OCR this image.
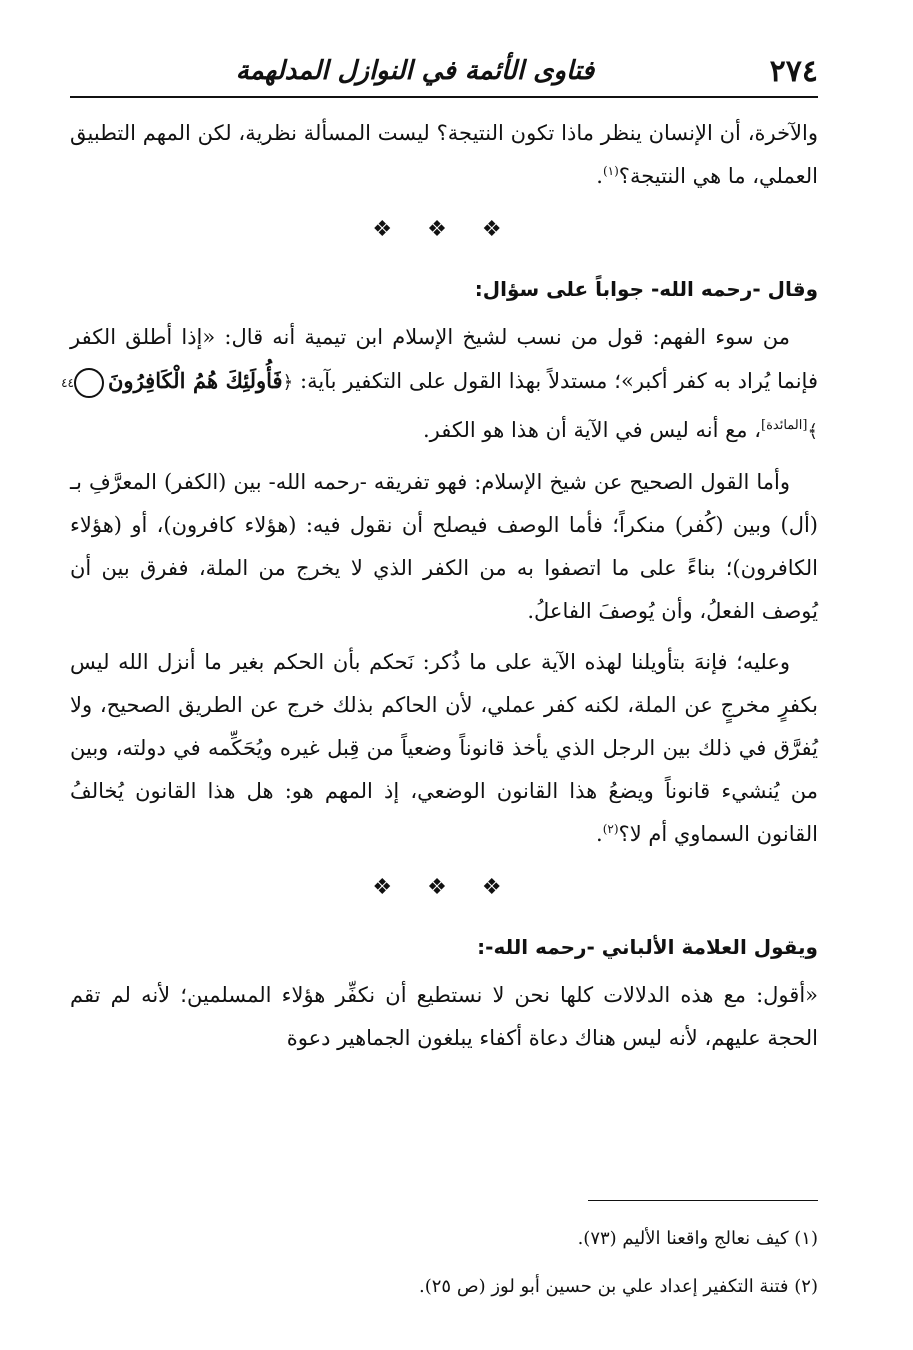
٢٧٤
فتاوى الأئمة في النوازل المدلهمة

والآخرة، أن الإنسان ينظر ماذا تكون النتيجة؟ ليست المسألة نظرية، لكن المهم التطبيق العملي، ما هي النتيجة؟$^{(١)}$.

❖ ❖ ❖
وقال -رحمه الله- جواباً على سؤال:

من سوء الفهم: قول من نسب لشيخ الإسلام ابن تيمية أنه قال: «إذا أطلق الكفر فإنما يُراد به كفر أكبر»؛ مستدلاً بهذا القول على التكفير بآية: ﴿فَأُولَئِكَ هُمُ الْكَافِرُونَ٤٤﴾[المائدة]، مع أنه ليس في الآية أن هذا هو الكفر.

وأما القول الصحيح عن شيخ الإسلام: فهو تفريقه -رحمه الله- بين (الكفر) المعرَّفِ بـ (أل) وبين (كُفر) منكراً؛ فأما الوصف فيصلح أن نقول فيه: (هؤلاء كافرون)، أو (هؤلاء الكافرون)؛ بناءً على ما اتصفوا به من الكفر الذي لا يخرج من الملة، ففرق بين أن يُوصف الفعلُ، وأن يُوصفَ الفاعلُ.

وعليه؛ فإنهَ بتأويلنا لهذه الآية على ما ذُكر: نَحكم بأن الحكم بغير ما أنزل الله ليس بكفرٍ مخرجٍ عن الملة، لكنه كفر عملي، لأن الحاكم بذلك خرج عن الطريق الصحيح، ولا يُفرَّق في ذلك بين الرجل الذي يأخذ قانوناً وضعياً من قِبل غيره ويُحَكِّمه في دولته، وبين من يُنشيء قانوناً ويضعُ هذا القانون الوضعي، إذ المهم هو: هل هذا القانون يُخالفُ القانون السماوي أم لا؟$^{(٢)}$.

❖ ❖ ❖
ويقول العلامة الألباني -رحمه الله-:

«أقول: مع هذه الدلالات كلها نحن لا نستطيع أن نكفِّر هؤلاء المسلمين؛ لأنه لم تقم الحجة عليهم، لأنه ليس هناك دعاة أكفاء يبلغون الجماهير دعوة

(١) كيف نعالج واقعنا الأليم (٧٣).

(٢) فتنة التكفير إعداد علي بن حسين أبو لوز (ص ٢٥).
